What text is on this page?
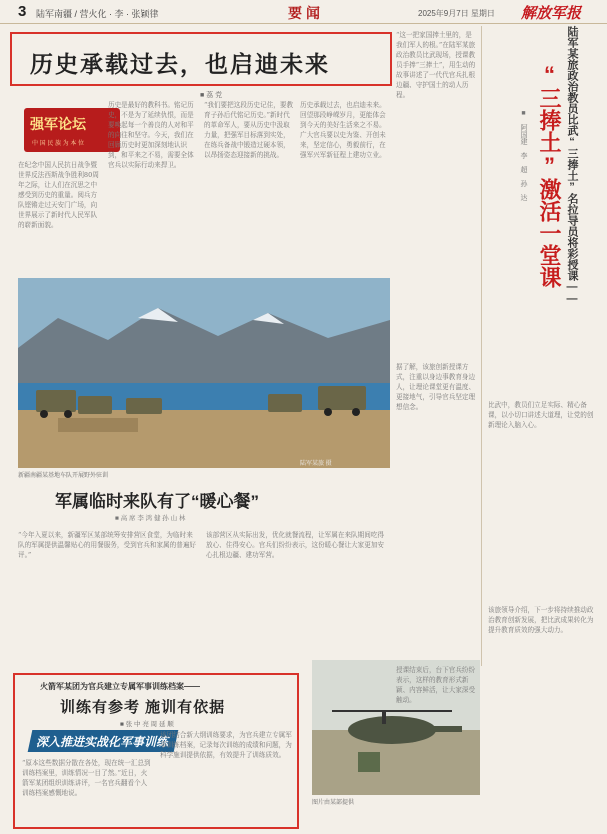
3 陆军南疆 / 营火化 · 李 · 张颖律	要闻	2025年9月7日 星期日 解放军报
历史承载过去，也启迪未来
■ 荔 党
强军论坛
中 国 民 族 为 本 位
在纪念中国人民抗日战争暨世界反法西斯战争胜利80周年之际，让人们在沉思之中感受到历史的重量。阅兵方队铿锵走过天安门广场，向世界展示了新时代人民军队的崭新面貌。
历史是最好的教科书。铭记历史，不是为了延续仇恨，而是要唤起每一个善良的人对和平的向往和坚守。今天，我们在回顾历史时更加深刻地认识到，和平来之不易，需要全体官兵以实际行动来捍卫。
“我们要把这段历史记住，要教育子孙后代铭记历史。”新时代的革命军人，要从历史中汲取力量，把强军目标落到实处，在练兵备战中锻造过硬本领，以昂扬姿态迎接新的挑战。
历史承载过去，也启迪未来。回望那段峥嵘岁月，更能体会到今天的美好生活来之不易。广大官兵要以史为鉴、开创未来，坚定信心，勇毅前行，在强军兴军新征程上建功立业。
陆军某旅 摄
新疆南疆某基地车队开展野外驻训
军属临时来队有了“暖心餐”
■ 高 席 李 鸿 健 孙 山 林
“今年入夏以来，新疆军区某部统筹安排营区食堂，为临时来队的军属提供温馨贴心的用餐服务，受到官兵和家属的普遍好评。”
该部营区从实际出发，优化就餐流程，让军属在来队期间吃得放心、住得安心。官兵们纷纷表示，这份暖心餐让大家更加安心扎根边疆、建功军营。
火箭军某团为官兵建立专属军事训练档案——
训练有参考 施训有依据
■ 张 中 亮 周 延 顺
深入推进实战化军事训练
“原本这些数据分散在各处，现在统一汇总到训练档案里，训练情况一目了然。”近日，火箭军某团组织训练讲评，一名官兵翻看个人训练档案感慨地说。
该团结合新大纲训练要求，为官兵建立专属军事训练档案，记录每次训练的成绩和问题，为科学施训提供依据，有效提升了训练质效。
图片由某部提供
陆军某旅政治教员比武“三捧土”名拉导员将彩授课——
“三捧土”激活一堂课
■ 阿国建 李 超 孙 达
“这一把家国捧土里的，是我们军人的根。”在陆军某旅政治教员比武现场，授课教员手捧“三捧土”，用生动的故事讲述了一代代官兵扎根边疆、守护国土的动人历程。
据了解，该旅创新授课方式，注重以身边事教育身边人，让理论课堂更有温度、更接地气，引导官兵坚定理想信念。
授课结束后，台下官兵纷纷表示，这样的教育形式新颖、内容鲜活，让大家深受触动。
比武中，教员们立足实际、精心备课，以小切口讲述大道理，让党的创新理论入脑入心。
该旅领导介绍，下一步将持续推动政治教育创新发展，把比武成果转化为提升教育质效的强大动力。
